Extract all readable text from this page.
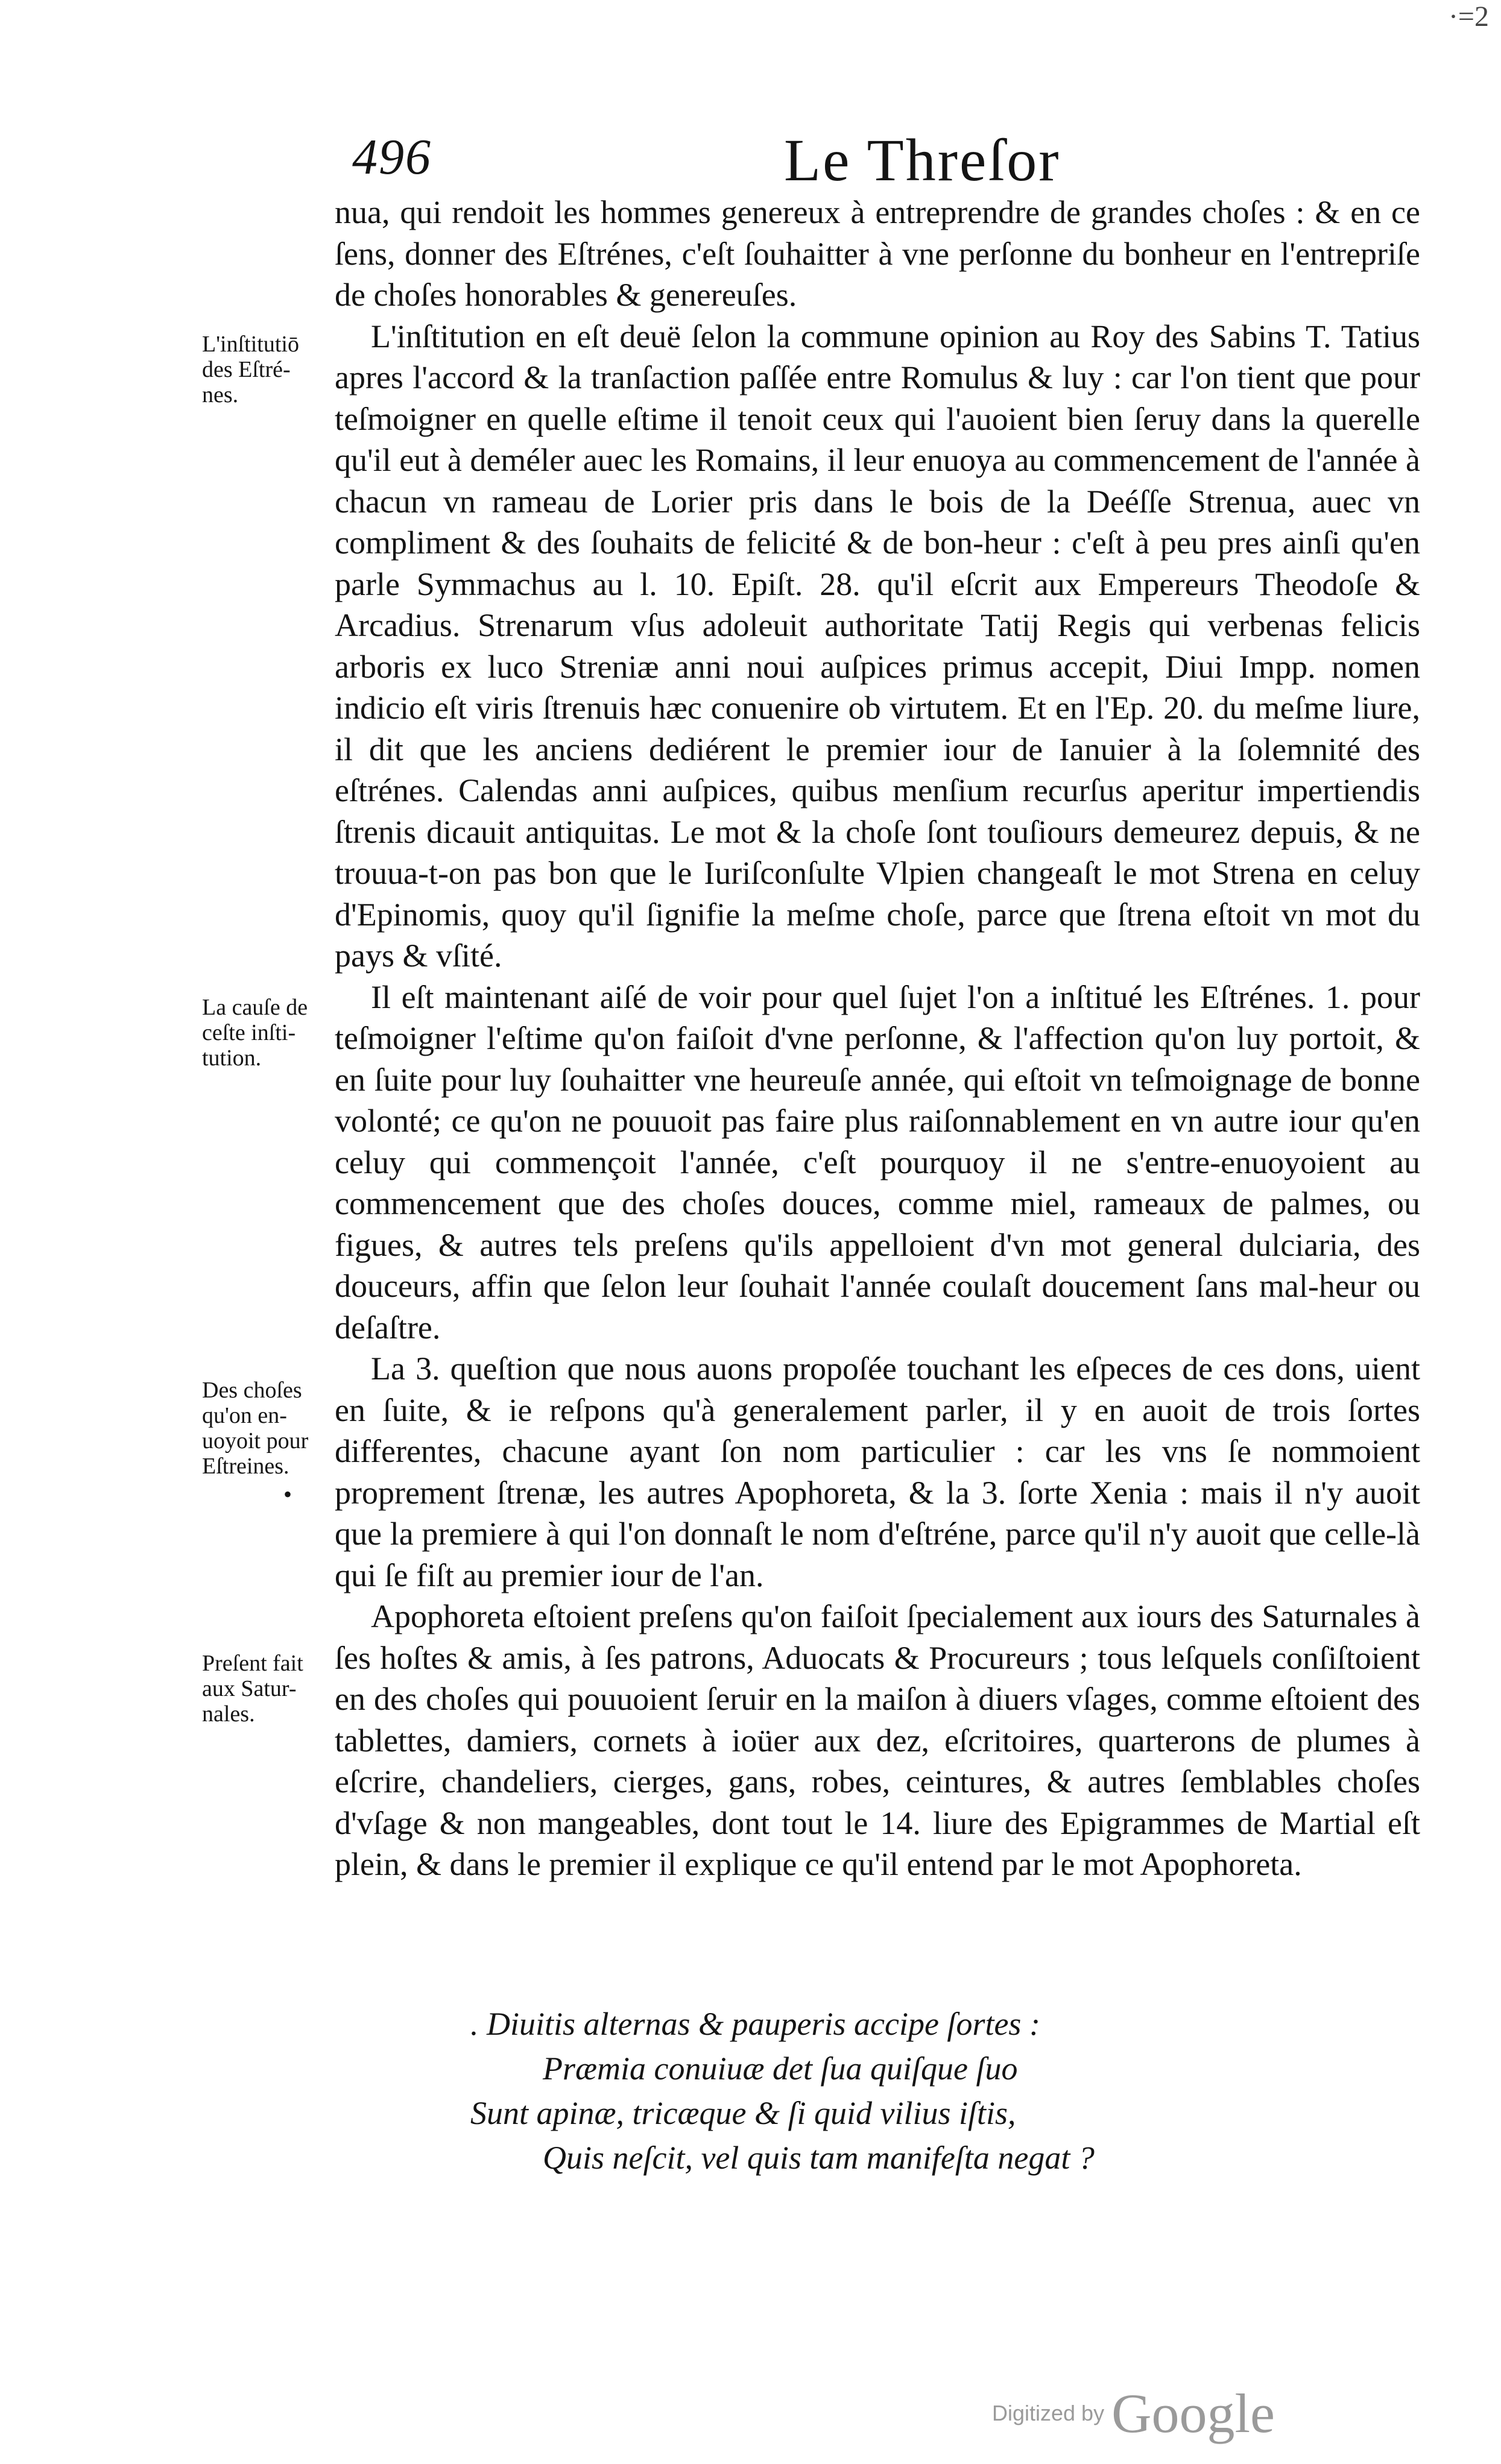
·=2
496	Le Threſor

nua, qui rendoit les hommes genereux à entreprendre de grandes choſes : & en ce ſens, donner des Eſtrénes, c'eſt ſouhaitter à vne perſonne du bonheur en l'entrepriſe de choſes honorables & genereuſes.

L'inſtitution en eſt deuë ſelon la commune opinion au Roy des Sabins T. Tatius apres l'accord & la tranſaction paſſée entre Romulus & luy : car l'on tient que pour teſmoigner en quelle eſtime il tenoit ceux qui l'auoient bien ſeruy dans la querelle qu'il eut à deméler auec les Romains, il leur enuoya au commencement de l'année à chacun vn rameau de Lorier pris dans le bois de la Deéſſe Strenua, auec vn compliment & des ſouhaits de felicité & de bon-heur : c'eſt à peu pres ainſi qu'en parle Symmachus au l. 10. Epiſt. 28. qu'il eſcrit aux Empereurs Theodoſe & Arcadius. Strenarum vſus adoleuit authoritate Tatij Regis qui verbenas felicis arboris ex luco Streniæ anni noui auſpices primus accepit, Diui Impp. nomen indicio eſt viris ſtrenuis hæc conuenire ob virtutem. Et en l'Ep. 20. du meſme liure, il dit que les anciens dediérent le premier iour de Ianuier à la ſolemnité des eſtrénes. Calendas anni auſpices, quibus menſium recurſus aperitur impertiendis ſtrenis dicauit antiquitas. Le mot & la choſe ſont touſiours demeurez depuis, & ne trouua-t-on pas bon que le Iuriſconſulte Vlpien changeaſt le mot Strena en celuy d'Epinomis, quoy qu'il ſignifie la meſme choſe, parce que ſtrena eſtoit vn mot du pays & vſité.

Il eſt maintenant aiſé de voir pour quel ſujet l'on a inſtitué les Eſtrénes. 1. pour teſmoigner l'eſtime qu'on faiſoit d'vne perſonne, & l'affection qu'on luy portoit, & en ſuite pour luy ſouhaitter vne heureuſe année, qui eſtoit vn teſmoignage de bonne volonté; ce qu'on ne pouuoit pas faire plus raiſonnablement en vn autre iour qu'en celuy qui commençoit l'année, c'eſt pourquoy il ne s'entre-enuoyoient au commencement que des choſes douces, comme miel, rameaux de palmes, ou figues, & autres tels preſens qu'ils appelloient d'vn mot general dulciaria, des douceurs, affin que ſelon leur ſouhait l'année coulaſt doucement ſans mal-heur ou deſaſtre.

La 3. queſtion que nous auons propoſée touchant les eſpeces de ces dons, uient en ſuite, & ie reſpons qu'à generalement parler, il y en auoit de trois ſortes differentes, chacune ayant ſon nom particulier : car les vns ſe nommoient proprement ſtrenæ, les autres Apophoreta, & la 3. ſorte Xenia : mais il n'y auoit que la premiere à qui l'on donnaſt le nom d'eſtréne, parce qu'il n'y auoit que celle-là qui ſe fiſt au premier iour de l'an.

Apophoreta eſtoient preſens qu'on faiſoit ſpecialement aux iours des Saturnales à ſes hoſtes & amis, à ſes patrons, Aduocats & Procureurs ; tous leſquels conſiſtoient en des choſes qui pouuoient ſeruir en la maiſon à diuers vſages, comme eſtoient des tablettes, damiers, cornets à ioüer aux dez, eſcritoires, quarterons de plumes à eſcrire, chandeliers, cierges, gans, robes, ceintures, & autres ſemblables choſes d'vſage & non mangeables, dont tout le 14. liure des Epigrammes de Martial eſt plein, & dans le premier il explique ce qu'il entend par le mot Apophoreta.

L'inſtitutiō
des Eſtré-
nes.
La cauſe de
ceſte inſti-
tution.
Des choſes
qu'on en-
uoyoit pour
Eſtreines.
Preſent fait
aux Satur-
nales.
•
. Diuitis alternas & pauperis accipe ſortes :
Præmia conuiuæ det ſua quiſque ſuo
Sunt apinæ, tricæque & ſi quid vilius iſtis,
Quis neſcit, vel quis tam manifeſta negat ?
Digitized by Google
